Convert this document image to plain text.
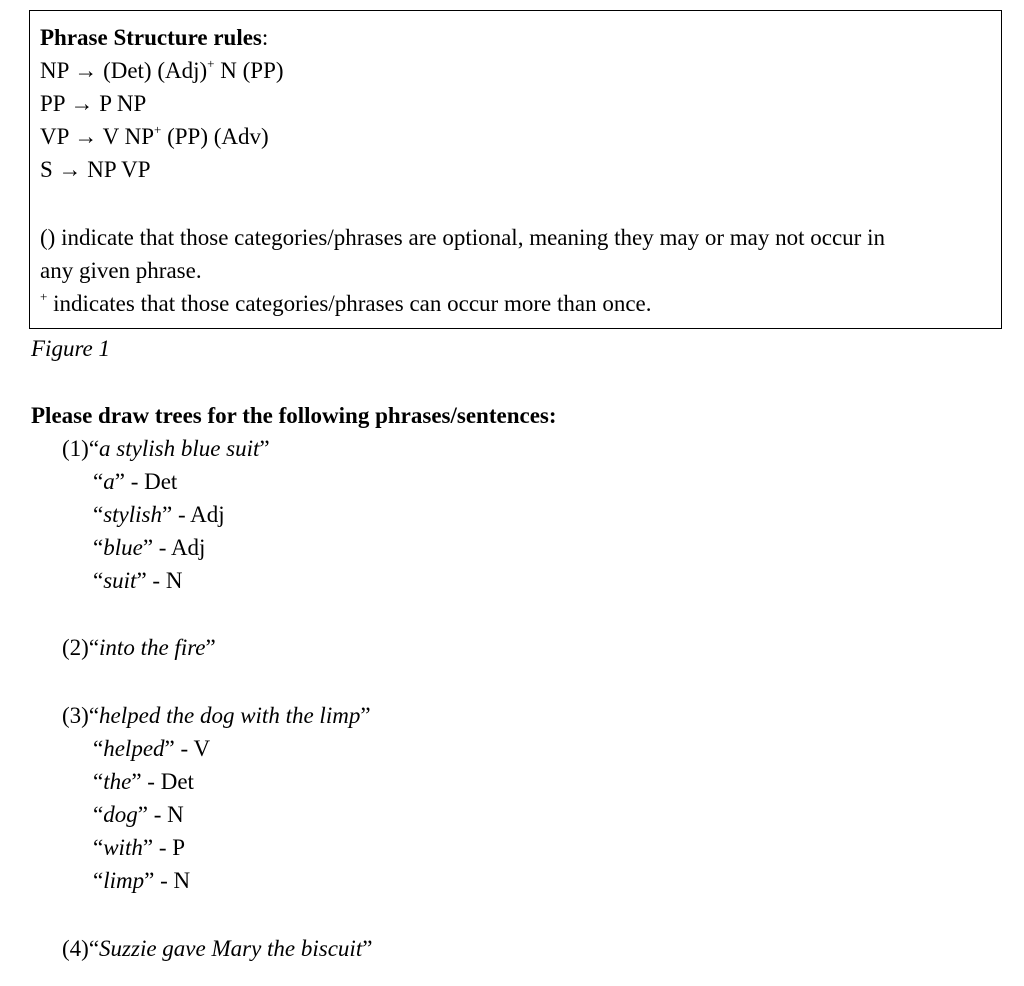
Phrase Structure rules:
NP → (Det) (Adj)+ N (PP)
PP → P NP
VP → V NP+ (PP) (Adv)
S → NP VP
() indicate that those categories/phrases are optional, meaning they may or may not occur in
any given phrase.
+ indicates that those categories/phrases can occur more than once.
Figure 1
Please draw trees for the following phrases/sentences:
(1)“a stylish blue suit”
“a” - Det
“stylish” - Adj
“blue” - Adj
“suit” - N
(2)“into the fire”
(3)“helped the dog with the limp”
“helped” - V
“the” - Det
“dog” - N
“with” - P
“limp” - N
(4)“Suzzie gave Mary the biscuit”
